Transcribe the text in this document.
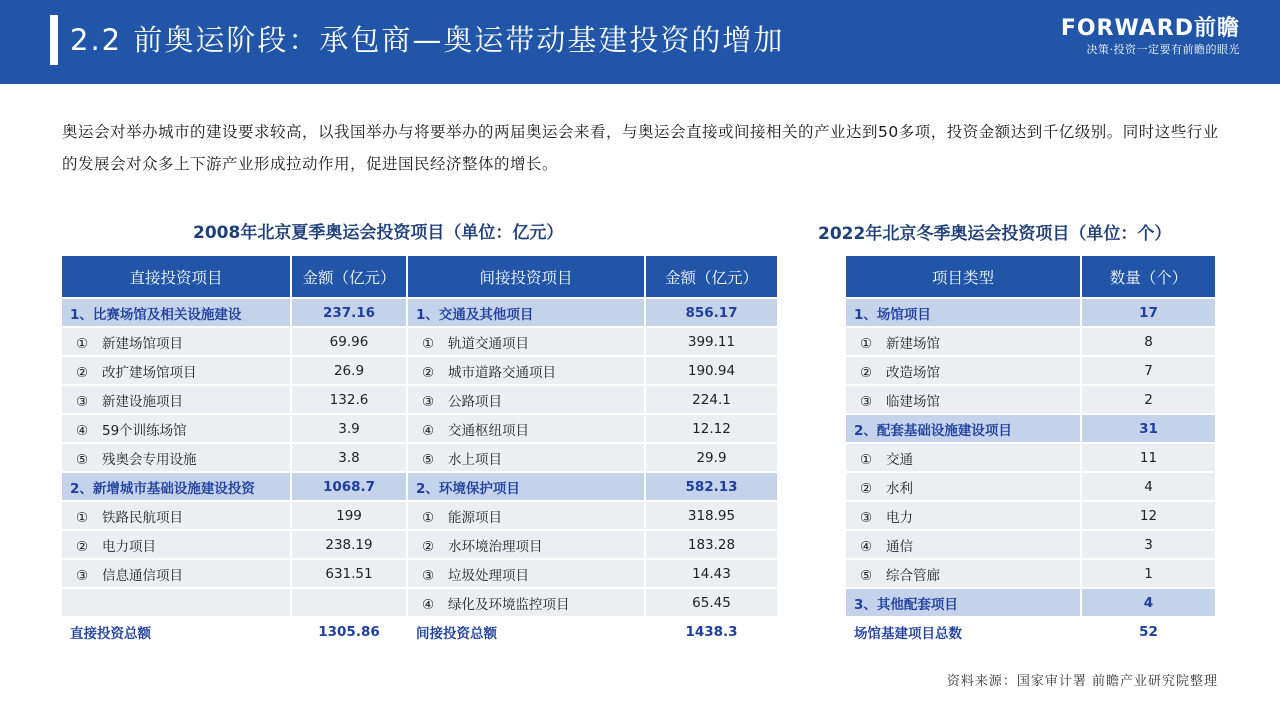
2.2 前奥运阶段：承包商—奥运带动基建投资的增加	FORWARD前瞻
决策·投资一定要有前瞻的眼光
奥运会对举办城市的建设要求较高，以我国举办与将要举办的两届奥运会来看，与奥运会直接或间接相关的产业达到50多项，投资金额达到千亿级别。同时这些行业的发展会对众多上下游产业形成拉动作用，促进国民经济整体的增长。
2008年北京夏季奥运会投资项目（单位：亿元）
直接投资项目	金额（亿元）	间接投资项目	金额（亿元）
1、比赛场馆及相关设施建设	237.16	1、交通及其他项目	856.17
① 新建场馆项目	69.96	① 轨道交通项目	399.11
② 改扩建场馆项目	26.9	② 城市道路交通项目	190.94
③ 新建设施项目	132.6	③ 公路项目	224.1
④ 59个训练场馆	3.9	④ 交通枢纽项目	12.12
⑤ 残奥会专用设施	3.8	⑤ 水上项目	29.9
2、新增城市基础设施建设投资	1068.7	2、环境保护项目	582.13
① 铁路民航项目	199	① 能源项目	318.95
② 电力项目	238.19	② 水环境治理项目	183.28
③ 信息通信项目	631.51	③ 垃圾处理项目	14.43
		④ 绿化及环境监控项目	65.45
直接投资总额	1305.86	间接投资总额	1438.3
2022年北京冬季奥运会投资项目（单位：个）
项目类型	数量（个）
1、场馆项目	17
① 新建场馆	8
② 改造场馆	7
③ 临建场馆	2
2、配套基础设施建设项目	31
① 交通	11
② 水利	4
③ 电力	12
④ 通信	3
⑤ 综合管廊	1
3、其他配套项目	4
场馆基建项目总数	52
资料来源：国家审计署 前瞻产业研究院整理
